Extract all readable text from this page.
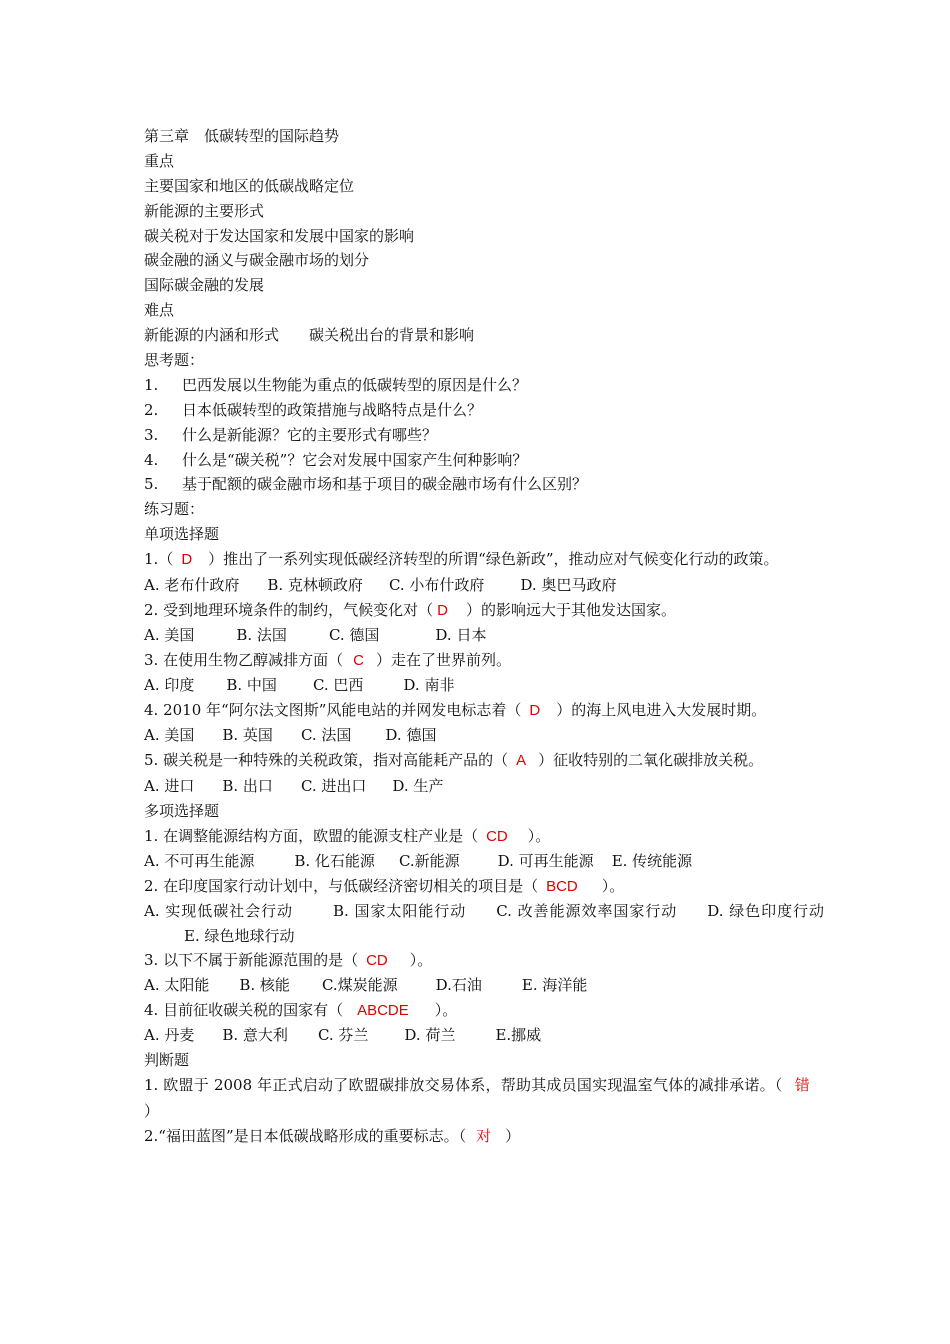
第三章　低碳转型的国际趋势
重点
主要国家和地区的低碳战略定位
新能源的主要形式
碳关税对于发达国家和发展中国家的影响
碳金融的涵义与碳金融市场的划分
国际碳金融的发展
难点
新能源的内涵和形式 碳关税出台的背景和影响
思考题：
1. 巴西发展以生物能为重点的低碳转型的原因是什么？
2. 日本低碳转型的政策措施与战略特点是什么？
3. 什么是新能源？它的主要形式有哪些？
4. 什么是“碳关税”？它会对发展中国家产生何种影响？
5. 基于配额的碳金融市场和基于项目的碳金融市场有什么区别？
练习题：
单项选择题
1.（ D ）推出了一系列实现低碳经济转型的所谓“绿色新政”，推动应对气候变化行动的政策。
A. 老布什政府 B. 克林顿政府 C. 小布什政府 D. 奥巴马政府
2. 受到地理环境条件的制约，气候变化对（ D ）的影响远大于其他发达国家。
A. 美国	B. 法国	C. 德国	D. 日本
3. 在使用生物乙醇减排方面（ C ）走在了世界前列。
A. 印度 B. 中国 C. 巴西	D. 南非
4. 2010 年“阿尔法文图斯”风能电站的并网发电标志着（ D ）的海上风电进入大发展时期。
A. 美国 B. 英国 C. 法国 D. 德国
5. 碳关税是一种特殊的关税政策，指对高能耗产品的（ A ）征收特别的二氧化碳排放关税。
A. 进口 B. 出口 C. 进出口 D. 生产
多项选择题
1. 在调整能源结构方面，欧盟的能源支柱产业是（ CD ）。
A. 不可再生能源	B. 化石能源 C.新能源	D. 可再生能源 E. 传统能源
2. 在印度国家行动计划中，与低碳经济密切相关的项目是（ BCD ）。
A. 实现低碳社会行动	B. 国家太阳能行动 C. 改善能源效率国家行动 D. 绿色印度行动E. 绿色地球行动
3. 以下不属于新能源范围的是（ CD ）。
A. 太阳能 B. 核能 C.煤炭能源	D.石油	E. 海洋能
4. 目前征收碳关税的国家有（ ABCDE ）。
A. 丹麦 B. 意大利 C. 芬兰 D. 荷兰	E.挪威
判断题
1. 欧盟于 2008 年正式启动了欧盟碳排放交易体系，帮助其成员国实现温室气体的减排承诺。（ 错）
2.“福田蓝图”是日本低碳战略形成的重要标志。（ 对 ）
